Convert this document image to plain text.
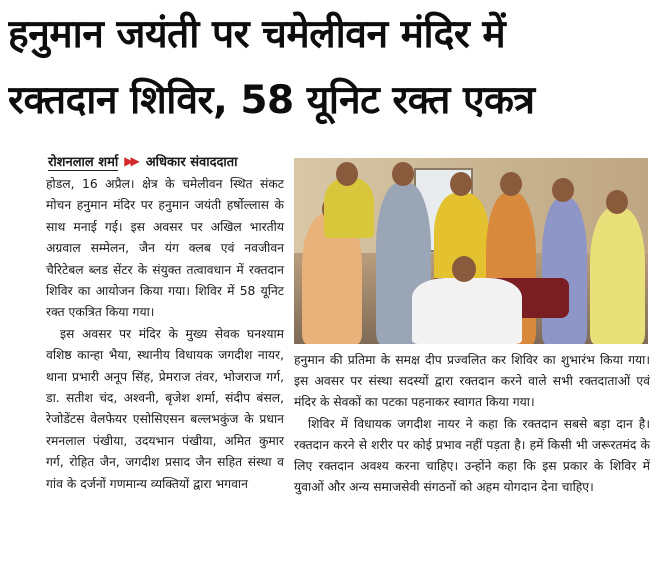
हनुमान जयंती पर चमेलीवन मंदिर में
रक्तदान शिविर, 58 यूनिट रक्त एकत्र
रोशनलाल शर्मा ▶▶ अधिकार संवाददाता

होडल, 16 अप्रैल। क्षेत्र के चमेलीवन स्थित संकट मोचन हनुमान मंदिर पर हनुमान जयंती हर्षोल्लास के साथ मनाई गई। इस अवसर पर अखिल भारतीय अग्रवाल सम्मेलन, जैन यंग क्लब एवं नवजीवन चैरिटेबल ब्लड सेंटर के संयुक्त तत्वावधान में रक्तदान शिविर का आयोजन किया गया। शिविर में 58 यूनिट रक्त एकत्रित किया गया।

इस अवसर पर मंदिर के मुख्य सेवक घनश्याम वशिष्ठ कान्हा भैया, स्थानीय विधायक जगदीश नायर, थाना प्रभारी अनूप सिंह, प्रेमराज तंवर, भोजराज गर्ग, डा. सतीश चंद, अश्वनी, बृजेश शर्मा, संदीप बंसल, रेजोडेंटस वेलफेयर एसोसिएसन बल्लभकुंज के प्रधान रमनलाल पंखीया, उदयभान पंखीया, अमित कुमार गर्ग, रोहित जैन, जगदीश प्रसाद जैन सहित संस्था व गांव के दर्जनों गणमान्य व्यक्तियों द्वारा भगवान

हनुमान की प्रतिमा के समक्ष दीप प्रज्वलित कर शिविर का शुभारंभ किया गया। इस अवसर पर संस्था सदस्यों द्वारा रक्तदान करने वाले सभी रक्तदाताओं एवं मंदिर के सेवकों का पटका पहनाकर स्वागत किया गया।

शिविर में विधायक जगदीश नायर ने कहा कि रक्तदान सबसे बड़ा दान है। रक्तदान करने से शरीर पर कोई प्रभाव नहीं पड़ता है। हमें किसी भी जरूरतमंद के लिए रक्तदान अवश्य करना चाहिए। उन्होंने कहा कि इस प्रकार के शिविर में युवाओं और अन्य समाजसेवी संगठनों को अहम योगदान देना चाहिए।
